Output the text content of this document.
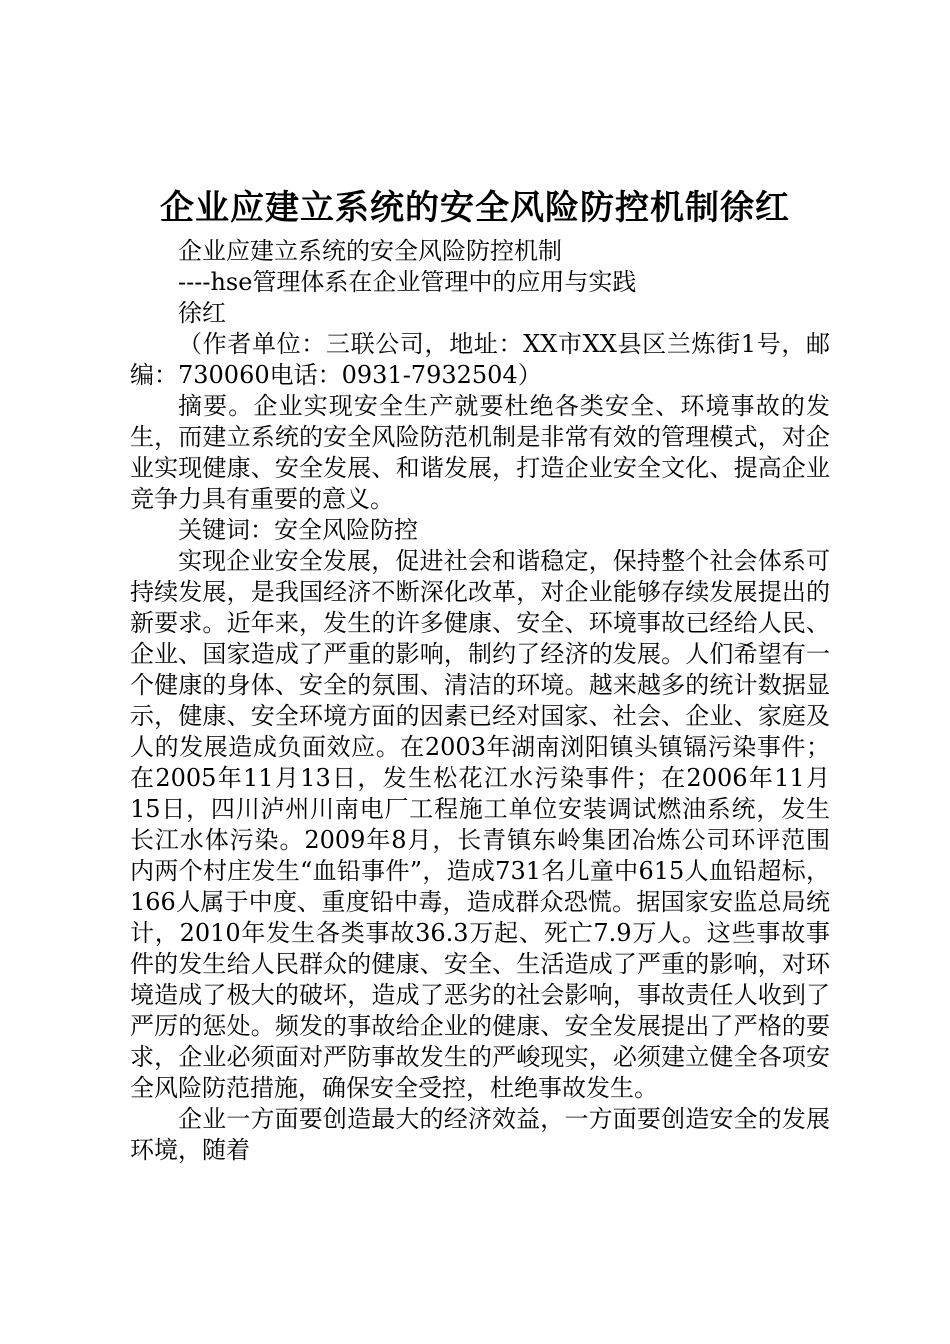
企业应建立系统的安全风险防控机制徐红

企业应建立系统的安全风险防控机制

----hse管理体系在企业管理中的应用与实践

徐红

（作者单位：三联公司，地址：XX市XX县区兰炼街1号，邮编：730060电话：0931-7932504）

摘要。企业实现安全生产就要杜绝各类安全、环境事故的发生，而建立系统的安全风险防范机制是非常有效的管理模式，对企业实现健康、安全发展、和谐发展，打造企业安全文化、提高企业竞争力具有重要的意义。

关键词：安全风险防控

实现企业安全发展，促进社会和谐稳定，保持整个社会体系可持续发展，是我国经济不断深化改革，对企业能够存续发展提出的新要求。近年来，发生的许多健康、安全、环境事故已经给人民、企业、国家造成了严重的影响，制约了经济的发展。人们希望有一个健康的身体、安全的氛围、清洁的环境。越来越多的统计数据显示，健康、安全环境方面的因素已经对国家、社会、企业、家庭及人的发展造成负面效应。在2003年湖南浏阳镇头镇镉污染事件；在2005年11月13日，发生松花江水污染事件；在2006年11月15日，四川泸州川南电厂工程施工单位安装调试燃油系统，发生长江水体污染。2009年8月，长青镇东岭集团冶炼公司环评范围内两个村庄发生“血铅事件”，造成731名儿童中615人血铅超标，166人属于中度、重度铅中毒，造成群众恐慌。据国家安监总局统计，2010年发生各类事故36.3万起、死亡7.9万人。这些事故事件的发生给人民群众的健康、安全、生活造成了严重的影响，对环境造成了极大的破坏，造成了恶劣的社会影响，事故责任人收到了严厉的惩处。频发的事故给企业的健康、安全发展提出了严格的要求，企业必须面对严防事故发生的严峻现实，必须建立健全各项安全风险防范措施，确保安全受控，杜绝事故发生。

企业一方面要创造最大的经济效益，一方面要创造安全的发展环境，随着
